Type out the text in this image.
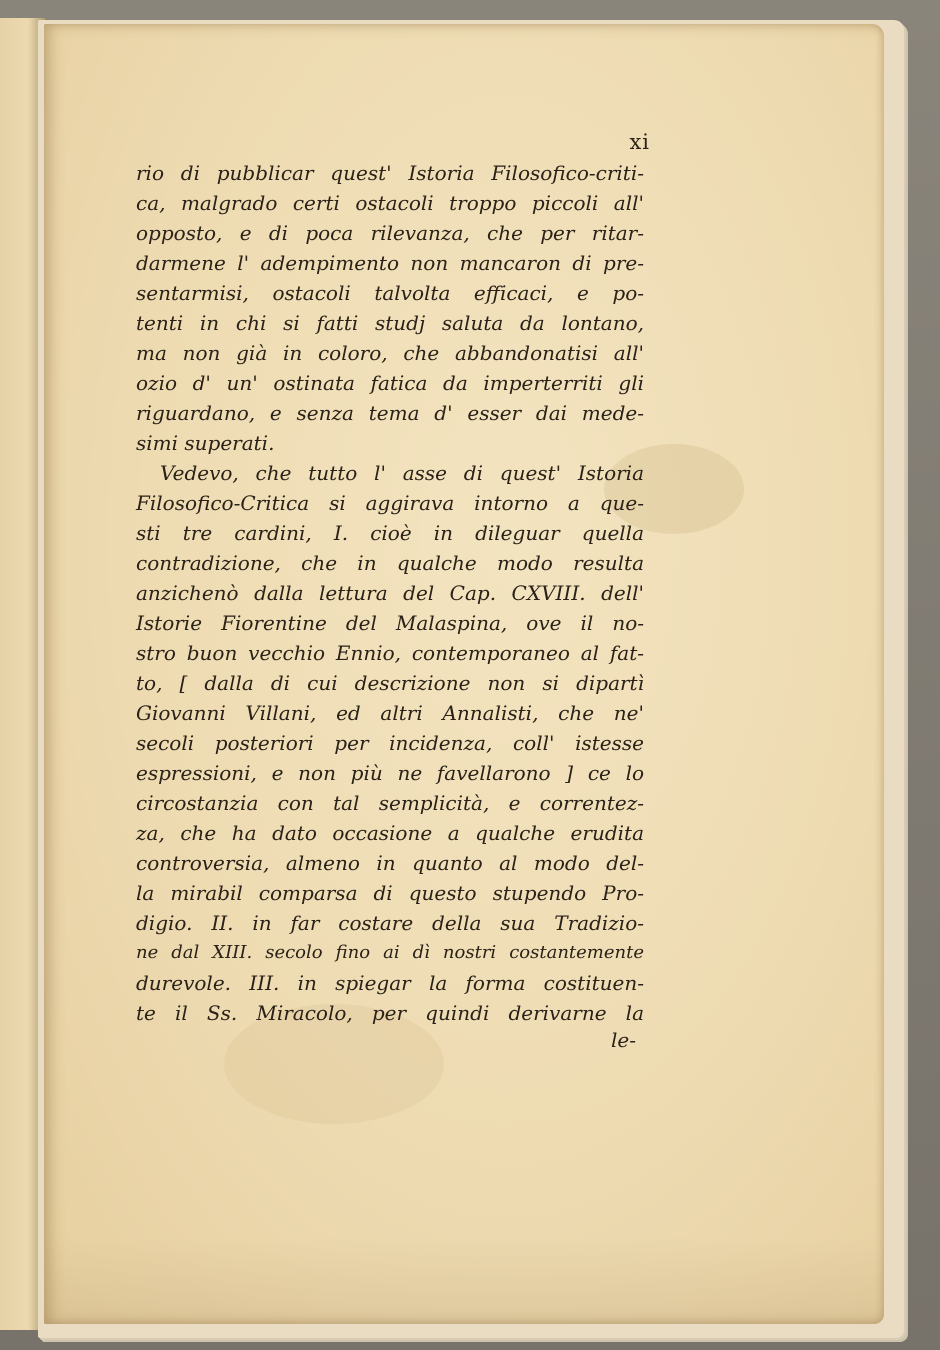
xi
rio di pubblicar quest' Istoria Filosofico-criti-
ca, malgrado certi ostacoli troppo piccoli all'
opposto, e di poca rilevanza, che per ritar-
darmene l' adempimento non mancaron di pre-
sentarmisi, ostacoli talvolta efficaci, e po-
tenti in chi si fatti studj saluta da lontano,
ma non già in coloro, che abbandonatisi all'
ozio d' un' ostinata fatica da imperterriti gli
riguardano, e senza tema d' esser dai mede-
simi superati.
Vedevo, che tutto l' asse di quest' Istoria
Filosofico-Critica si aggirava intorno a que-
sti tre cardini, I. cioè in dileguar quella
contradizione, che in qualche modo resulta
anzichenò dalla lettura del Cap. CXVIII. dell'
Istorie Fiorentine del Malaspina, ove il no-
stro buon vecchio Ennio, contemporaneo al fat-
to, [ dalla di cui descrizione non si dipartì
Giovanni Villani, ed altri Annalisti, che ne'
secoli posteriori per incidenza, coll' istesse
espressioni, e non più ne favellarono ] ce lo
circostanzia con tal semplicità, e correntez-
za, che ha dato occasione a qualche erudita
controversia, almeno in quanto al modo del-
la mirabil comparsa di questo stupendo Pro-
digio. II. in far costare della sua Tradizio-
ne dal XIII. secolo fino ai dì nostri costantemente
durevole. III. in spiegar la forma costituen-
te il Ss. Miracolo, per quindi derivarne la
le-
